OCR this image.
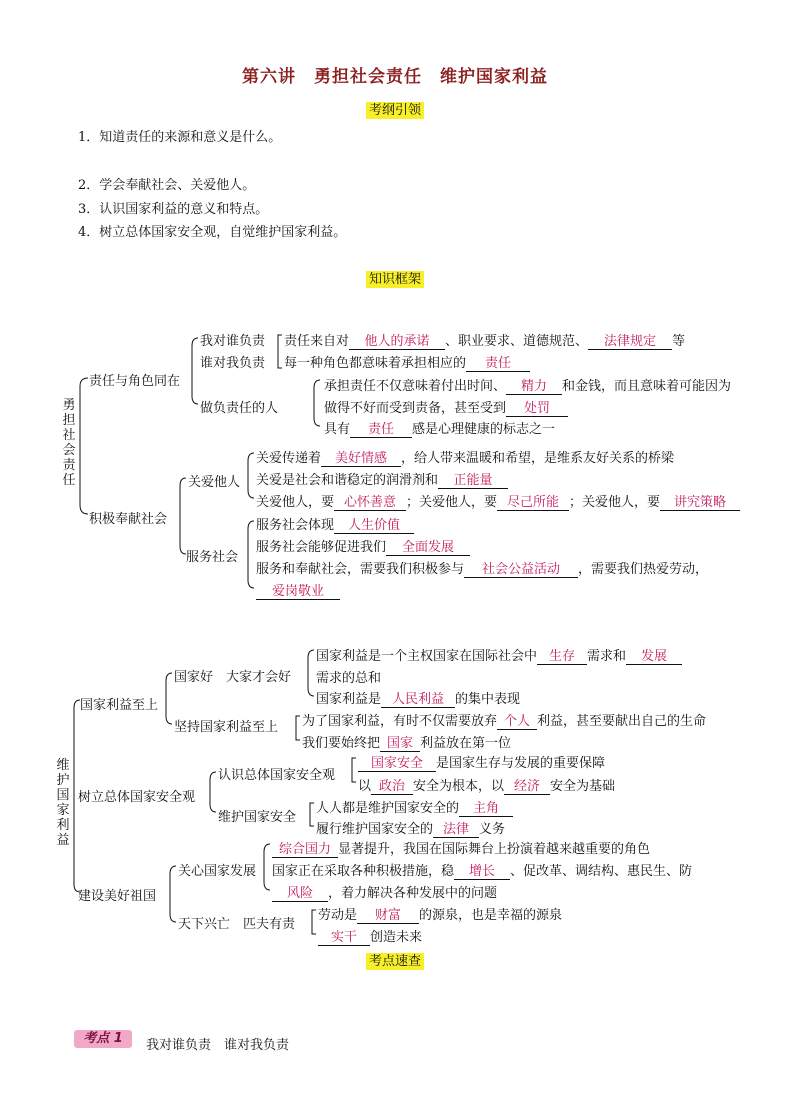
第六讲　勇担社会责任　维护国家利益
考纲引领
1．知道责任的来源和意义是什么。
2．学会奉献社会、关爱他人。
3．认识国家利益的意义和特点。
4．树立总体国家安全观，自觉维护国家利益。
知识框架
勇担社会责任
责任与角色同在
我对谁负责
谁对我负责
做负责任的人
责任来自对 他人的承诺 、职业要求、道德规范、 法律规定 等
每一种角色都意味着承担相应的 责任
承担责任不仅意味着付出时间、 精力 和金钱，而且意味着可能因为
做得不好而受到责备，甚至受到 处罚
具有 责任 感是心理健康的标志之一
积极奉献社会
关爱他人
服务社会
关爱传递着 美好情感 ，给人带来温暖和希望，是维系友好关系的桥梁
关爱是社会和谐稳定的润滑剂和 正能量
关爱他人，要 心怀善意 ；关爱他人，要 尽己所能 ；关爱他人，要 讲究策略
服务社会体现 人生价值
服务社会能够促进我们 全面发展
服务和奉献社会，需要我们积极参与 社会公益活动 ，需要我们热爱劳动，
爱岗敬业
维护国家利益
国家利益至上
国家好　大家才会好
坚持国家利益至上
国家利益是一个主权国家在国际社会中 生存 需求和 发展
需求的总和
国家利益是 人民利益 的集中表现
为了国家利益，有时不仅需要放弃 个人 利益，甚至要献出自己的生命
我们要始终把 国家 利益放在第一位
树立总体国家安全观
认识总体国家安全观
维护国家安全
国家安全 是国家生存与发展的重要保障
以 政治 安全为根本，以 经济 安全为基础
人人都是维护国家安全的 主角
履行维护国家安全的 法律 义务
建设美好祖国
关心国家发展
天下兴亡　匹夫有责
综合国力 显著提升，我国在国际舞台上扮演着越来越重要的角色
国家正在采取各种积极措施，稳 增长 、促改革、调结构、惠民生、防
风险 ，着力解决各种发展中的问题
劳动是 财富 的源泉，也是幸福的源泉
实干 创造未来
考点速查
考点 1	我对谁负责　谁对我负责
